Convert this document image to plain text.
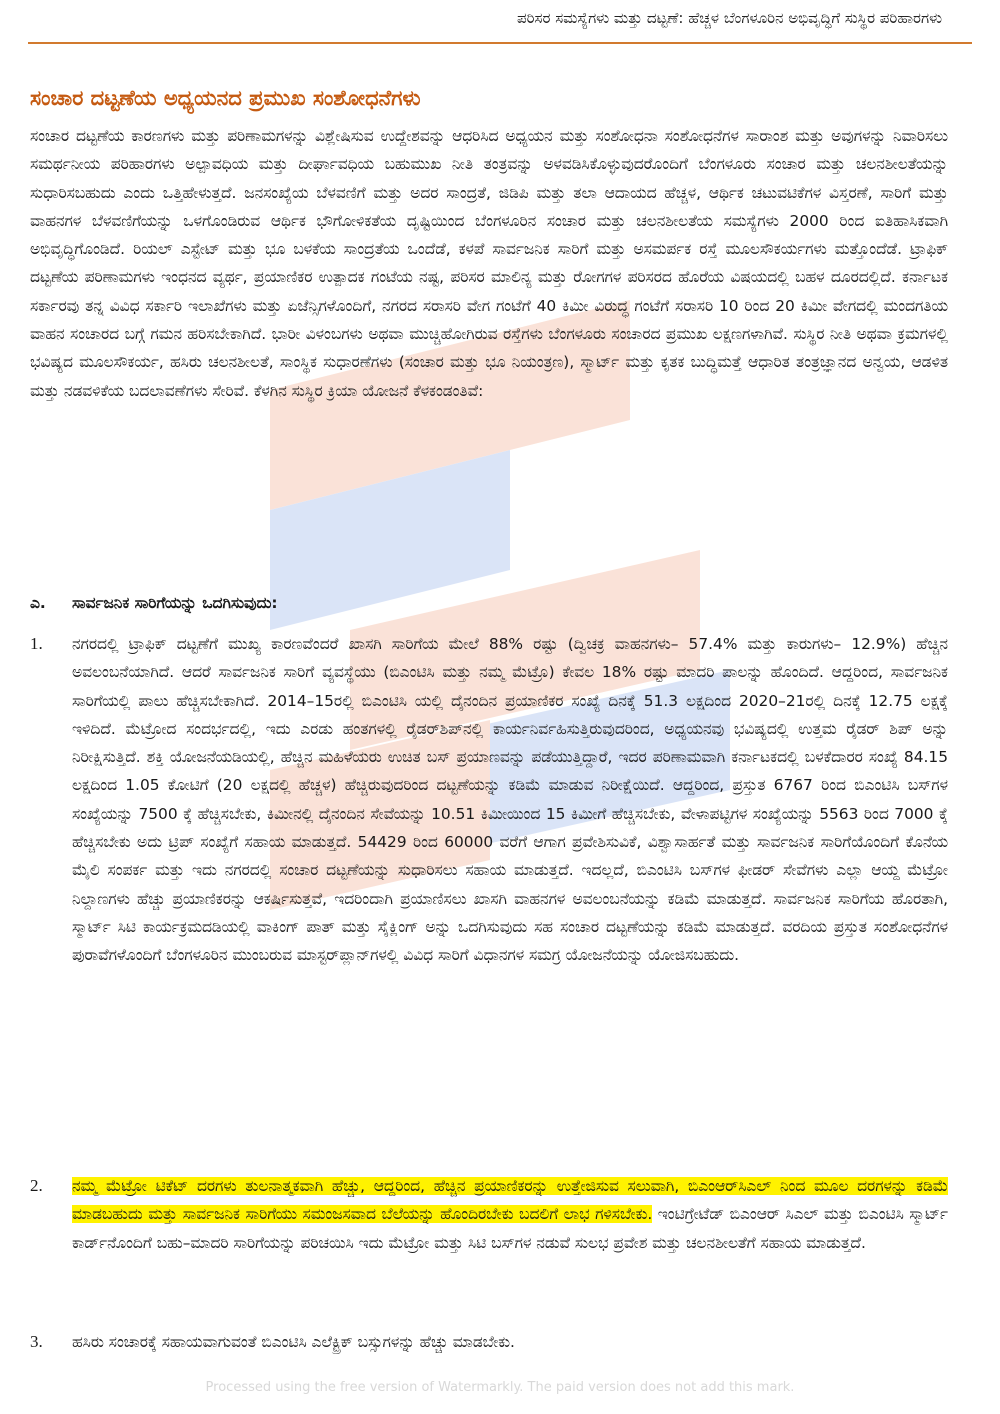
ಪರಿಸರ ಸಮಸ್ಯೆಗಳು ಮತ್ತು ದಟ್ಟಣೆ: ಹೆಚ್ಚಳ ಬೆಂಗಳೂರಿನ ಅಭಿವೃದ್ಧಿಗೆ ಸುಸ್ಥಿರ ಪರಿಹಾರಗಳು
ಸಂಚಾರ ದಟ್ಟಣೆಯ ಅಧ್ಯಯನದ ಪ್ರಮುಖ ಸಂಶೋಧನೆಗಳು
ಸಂಚಾರ ದಟ್ಟಣೆಯ ಕಾರಣಗಳು ಮತ್ತು ಪರಿಣಾಮಗಳನ್ನು ವಿಶ್ಲೇಷಿಸುವ ಉದ್ದೇಶವನ್ನು ಆಧರಿಸಿದ ಅಧ್ಯಯನ ಮತ್ತು ಸಂಶೋಧನಾ ಸಂಶೋಧನೆಗಳ ಸಾರಾಂಶ ಮತ್ತು ಅವುಗಳನ್ನು ನಿವಾರಿಸಲು ಸಮರ್ಥನೀಯ ಪರಿಹಾರಗಳು ಅಲ್ಪಾವಧಿಯ ಮತ್ತು ದೀರ್ಘಾವಧಿಯ ಬಹುಮುಖ ನೀತಿ ತಂತ್ರವನ್ನು ಅಳವಡಿಸಿಕೊಳ್ಳುವುದರೊಂದಿಗೆ ಬೆಂಗಳೂರು ಸಂಚಾರ ಮತ್ತು ಚಲನಶೀಲತೆಯನ್ನು ಸುಧಾರಿಸಬಹುದು ಎಂದು ಒತ್ತಿಹೇಳುತ್ತದೆ. ಜನಸಂಖ್ಯೆಯ ಬೆಳವಣಿಗೆ ಮತ್ತು ಅದರ ಸಾಂದ್ರತೆ, ಜಿಡಿಪಿ ಮತ್ತು ತಲಾ ಆದಾಯದ ಹೆಚ್ಚಳ, ಆರ್ಥಿಕ ಚಟುವಟಿಕೆಗಳ ವಿಸ್ತರಣೆ, ಸಾರಿಗೆ ಮತ್ತು ವಾಹನಗಳ ಬೆಳವಣಿಗೆಯನ್ನು ಒಳಗೊಂಡಿರುವ ಆರ್ಥಿಕ ಭೌಗೋಳಿಕತೆಯ ದೃಷ್ಟಿಯಿಂದ ಬೆಂಗಳೂರಿನ ಸಂಚಾರ ಮತ್ತು ಚಲನಶೀಲತೆಯ ಸಮಸ್ಯೆಗಳು 2000 ರಿಂದ ಐತಿಹಾಸಿಕವಾಗಿ ಅಭಿವೃದ್ಧಿಗೊಂಡಿದೆ. ರಿಯಲ್ ಎಸ್ಟೇಟ್ ಮತ್ತು ಭೂ ಬಳಕೆಯ ಸಾಂದ್ರತೆಯ ಒಂದೆಡೆ, ಕಳಪೆ ಸಾರ್ವಜನಿಕ ಸಾರಿಗೆ ಮತ್ತು ಅಸಮರ್ಪಕ ರಸ್ತೆ ಮೂಲಸೌಕರ್ಯಗಳು ಮತ್ತೊಂದೆಡೆ. ಟ್ರಾಫಿಕ್ ದಟ್ಟಣೆಯ ಪರಿಣಾಮಗಳು ಇಂಧನದ ವ್ಯರ್ಥ, ಪ್ರಯಾಣಿಕರ ಉತ್ಪಾದಕ ಗಂಟೆಯ ನಷ್ಟ, ಪರಿಸರ ಮಾಲಿನ್ಯ ಮತ್ತು ರೋಗಗಳ ಪರಿಸರದ ಹೊರೆಯ ವಿಷಯದಲ್ಲಿ ಬಹಳ ದೂರದಲ್ಲಿದೆ. ಕರ್ನಾಟಕ ಸರ್ಕಾರವು ತನ್ನ ವಿವಿಧ ಸರ್ಕಾರಿ ಇಲಾಖೆಗಳು ಮತ್ತು ಏಜೆನ್ಸಿಗಳೊಂದಿಗೆ, ನಗರದ ಸರಾಸರಿ ವೇಗ ಗಂಟೆಗೆ 40 ಕಿಮೀ ವಿರುದ್ಧ ಗಂಟೆಗೆ ಸರಾಸರಿ 10 ರಿಂದ 20 ಕಿಮೀ ವೇಗದಲ್ಲಿ ಮಂದಗತಿಯ ವಾಹನ ಸಂಚಾರದ ಬಗ್ಗೆ ಗಮನ ಹರಿಸಬೇಕಾಗಿದೆ. ಭಾರೀ ವಿಳಂಬಗಳು ಅಥವಾ ಮುಚ್ಚಿಹೋಗಿರುವ ರಸ್ತೆಗಳು ಬೆಂಗಳೂರು ಸಂಚಾರದ ಪ್ರಮುಖ ಲಕ್ಷಣಗಳಾಗಿವೆ. ಸುಸ್ಥಿರ ನೀತಿ ಅಥವಾ ಕ್ರಮಗಳಲ್ಲಿ ಭವಿಷ್ಯದ ಮೂಲಸೌಕರ್ಯ, ಹಸಿರು ಚಲನಶೀಲತೆ, ಸಾಂಸ್ಥಿಕ ಸುಧಾರಣೆಗಳು (ಸಂಚಾರ ಮತ್ತು ಭೂ ನಿಯಂತ್ರಣ), ಸ್ಮಾರ್ಟ್ ಮತ್ತು ಕೃತಕ ಬುದ್ಧಿಮತ್ತೆ ಆಧಾರಿತ ತಂತ್ರಜ್ಞಾನದ ಅನ್ವಯ, ಆಡಳಿತ ಮತ್ತು ನಡವಳಿಕೆಯ ಬದಲಾವಣೆಗಳು ಸೇರಿವೆ. ಕೆಳಗಿನ ಸುಸ್ಥಿರ ಕ್ರಿಯಾ ಯೋಜನೆ ಕೆಳಕಂಡಂತಿವೆ:
ಎ. ಸಾರ್ವಜನಿಕ ಸಾರಿಗೆಯನ್ನು ಒದಗಿಸುವುದು:
1.	ನಗರದಲ್ಲಿ ಟ್ರಾಫಿಕ್ ದಟ್ಟಣೆಗೆ ಮುಖ್ಯ ಕಾರಣವೆಂದರೆ ಖಾಸಗಿ ಸಾರಿಗೆಯ ಮೇಲೆ 88% ರಷ್ಟು (ದ್ವಿಚಕ್ರ ವಾಹನಗಳು– 57.4% ಮತ್ತು ಕಾರುಗಳು– 12.9%) ಹೆಚ್ಚಿನ ಅವಲಂಬನೆಯಾಗಿದೆ. ಆದರೆ ಸಾರ್ವಜನಿಕ ಸಾರಿಗೆ ವ್ಯವಸ್ಥೆಯು (ಬಿಎಂಟಿಸಿ ಮತ್ತು ನಮ್ಮ ಮೆಟ್ರೊ) ಕೇವಲ 18% ರಷ್ಟು ಮಾದರಿ ಪಾಲನ್ನು ಹೊಂದಿದೆ. ಆದ್ದರಿಂದ, ಸಾರ್ವಜನಿಕ ಸಾರಿಗೆಯಲ್ಲಿ ಪಾಲು ಹೆಚ್ಚಿಸಬೇಕಾಗಿದೆ. 2014–15ರಲ್ಲಿ ಬಿಎಂಟಿಸಿ ಯಲ್ಲಿ ದೈನಂದಿನ ಪ್ರಯಾಣಿಕರ ಸಂಖ್ಯೆ ದಿನಕ್ಕೆ 51.3 ಲಕ್ಷದಿಂದ 2020–21ರಲ್ಲಿ ದಿನಕ್ಕೆ 12.75 ಲಕ್ಷಕ್ಕೆ ಇಳಿದಿದೆ. ಮೆಟ್ರೋದ ಸಂದರ್ಭದಲ್ಲಿ, ಇದು ಎರಡು ಹಂತಗಳಲ್ಲಿ ರೈಡರ್‌ಶಿಪ್‌ನಲ್ಲಿ ಕಾರ್ಯನಿರ್ವಹಿಸುತ್ತಿರುವುದರಿಂದ, ಅಧ್ಯಯನವು ಭವಿಷ್ಯದಲ್ಲಿ ಉತ್ತಮ ರೈಡರ್ ಶಿಪ್ ಅನ್ನು ನಿರೀಕ್ಷಿಸುತ್ತಿದೆ. ಶಕ್ತಿ ಯೋಜನೆಯಡಿಯಲ್ಲಿ, ಹೆಚ್ಚಿನ ಮಹಿಳೆಯರು ಉಚಿತ ಬಸ್ ಪ್ರಯಾಣವನ್ನು ಪಡೆಯುತ್ತಿದ್ದಾರೆ, ಇದರ ಪರಿಣಾಮವಾಗಿ ಕರ್ನಾಟಕದಲ್ಲಿ ಬಳಕೆದಾರರ ಸಂಖ್ಯೆ 84.15 ಲಕ್ಷದಿಂದ 1.05 ಕೋಟಿಗೆ (20 ಲಕ್ಷದಲ್ಲಿ ಹೆಚ್ಚಳ) ಹೆಚ್ಚಿರುವುದರಿಂದ ದಟ್ಟಣೆಯನ್ನು ಕಡಿಮೆ ಮಾಡುವ ನಿರೀಕ್ಷೆಯಿದೆ. ಆದ್ದರಿಂದ, ಪ್ರಸ್ತುತ 6767 ರಿಂದ ಬಿಎಂಟಿಸಿ ಬಸ್‌ಗಳ ಸಂಖ್ಯೆಯನ್ನು 7500 ಕ್ಕೆ ಹೆಚ್ಚಿಸಬೇಕು, ಕಿಮೀನಲ್ಲಿ ದೈನಂದಿನ ಸೇವೆಯನ್ನು 10.51 ಕಿಮೀಯಿಂದ 15 ಕಿಮೀಗೆ ಹೆಚ್ಚಿಸಬೇಕು, ವೇಳಾಪಟ್ಟಿಗಳ ಸಂಖ್ಯೆಯನ್ನು 5563 ರಿಂದ 7000 ಕ್ಕೆ ಹೆಚ್ಚಿಸಬೇಕು ಅದು ಟ್ರಿಪ್ ಸಂಖ್ಯೆಗೆ ಸಹಾಯ ಮಾಡುತ್ತದೆ. 54429 ರಿಂದ 60000 ವರೆಗೆ ಆಗಾಗ ಪ್ರವೇಶಿಸುವಿಕೆ, ವಿಶ್ವಾಸಾರ್ಹತೆ ಮತ್ತು ಸಾರ್ವಜನಿಕ ಸಾರಿಗೆಯೊಂದಿಗೆ ಕೊನೆಯ ಮೈಲಿ ಸಂಪರ್ಕ ಮತ್ತು ಇದು ನಗರದಲ್ಲಿ ಸಂಚಾರ ದಟ್ಟಣೆಯನ್ನು ಸುಧಾರಿಸಲು ಸಹಾಯ ಮಾಡುತ್ತದೆ. ಇದಲ್ಲದೆ, ಬಿಎಂಟಿಸಿ ಬಸ್‌ಗಳ ಫೀಡರ್ ಸೇವೆಗಳು ಎಲ್ಲಾ ಆಯ್ದ ಮೆಟ್ರೋ ನಿಲ್ದಾಣಗಳು ಹೆಚ್ಚು ಪ್ರಯಾಣಿಕರನ್ನು ಆಕರ್ಷಿಸುತ್ತವೆ, ಇದರಿಂದಾಗಿ ಪ್ರಯಾಣಿಸಲು ಖಾಸಗಿ ವಾಹನಗಳ ಅವಲಂಬನೆಯನ್ನು ಕಡಿಮೆ ಮಾಡುತ್ತದೆ. ಸಾರ್ವಜನಿಕ ಸಾರಿಗೆಯ ಹೊರತಾಗಿ, ಸ್ಮಾರ್ಟ್ ಸಿಟಿ ಕಾರ್ಯಕ್ರಮದಡಿಯಲ್ಲಿ ವಾಕಿಂಗ್ ಪಾತ್ ಮತ್ತು ಸೈಕ್ಲಿಂಗ್ ಅನ್ನು ಒದಗಿಸುವುದು ಸಹ ಸಂಚಾರ ದಟ್ಟಣೆಯನ್ನು ಕಡಿಮೆ ಮಾಡುತ್ತದೆ. ವರದಿಯ ಪ್ರಸ್ತುತ ಸಂಶೋಧನೆಗಳ ಪುರಾವೆಗಳೊಂದಿಗೆ ಬೆಂಗಳೂರಿನ ಮುಂಬರುವ ಮಾಸ್ಟರ್‌ಪ್ಲಾನ್‌ಗಳಲ್ಲಿ ವಿವಿಧ ಸಾರಿಗೆ ವಿಧಾನಗಳ ಸಮಗ್ರ ಯೋಜನೆಯನ್ನು ಯೋಜಿಸಬಹುದು.
2.	ನಮ್ಮ ಮೆಟ್ರೋ ಟಿಕೆಟ್ ದರಗಳು ತುಲನಾತ್ಮಕವಾಗಿ ಹೆಚ್ಚು, ಆದ್ದರಿಂದ, ಹೆಚ್ಚಿನ ಪ್ರಯಾಣಿಕರನ್ನು ಉತ್ತೇಜಿಸುವ ಸಲುವಾಗಿ, ಬಿಎಂಆರ್‌ಸಿಎಲ್ ನಿಂದ ಮೂಲ ದರಗಳನ್ನು ಕಡಿಮೆ ಮಾಡಬಹುದು ಮತ್ತು ಸಾರ್ವಜನಿಕ ಸಾರಿಗೆಯು ಸಮಂಜಸವಾದ ಬೆಲೆಯನ್ನು ಹೊಂದಿರಬೇಕು ಬದಲಿಗೆ ಲಾಭ ಗಳಿಸಬೇಕು. ಇಂಟಿಗ್ರೇಟೆಡ್ ಬಿಎಂಆರ್ ಸಿಎಲ್ ಮತ್ತು ಬಿಎಂಟಿಸಿ ಸ್ಮಾರ್ಟ್ ಕಾರ್ಡ್‌ನೊಂದಿಗೆ ಬಹು–ಮಾದರಿ ಸಾರಿಗೆಯನ್ನು ಪರಿಚಯಿಸಿ ಇದು ಮೆಟ್ರೋ ಮತ್ತು ಸಿಟಿ ಬಸ್‌ಗಳ ನಡುವೆ ಸುಲಭ ಪ್ರವೇಶ ಮತ್ತು ಚಲನಶೀಲತೆಗೆ ಸಹಾಯ ಮಾಡುತ್ತದೆ.
3.	ಹಸಿರು ಸಂಚಾರಕ್ಕೆ ಸಹಾಯವಾಗುವಂತೆ ಬಿಎಂಟಿಸಿ ಎಲೆಕ್ಟ್ರಿಕ್ ಬಸ್ಸುಗಳನ್ನು ಹೆಚ್ಚು ಮಾಡಬೇಕು.
Processed using the free version of Watermarkly. The paid version does not add this mark.
